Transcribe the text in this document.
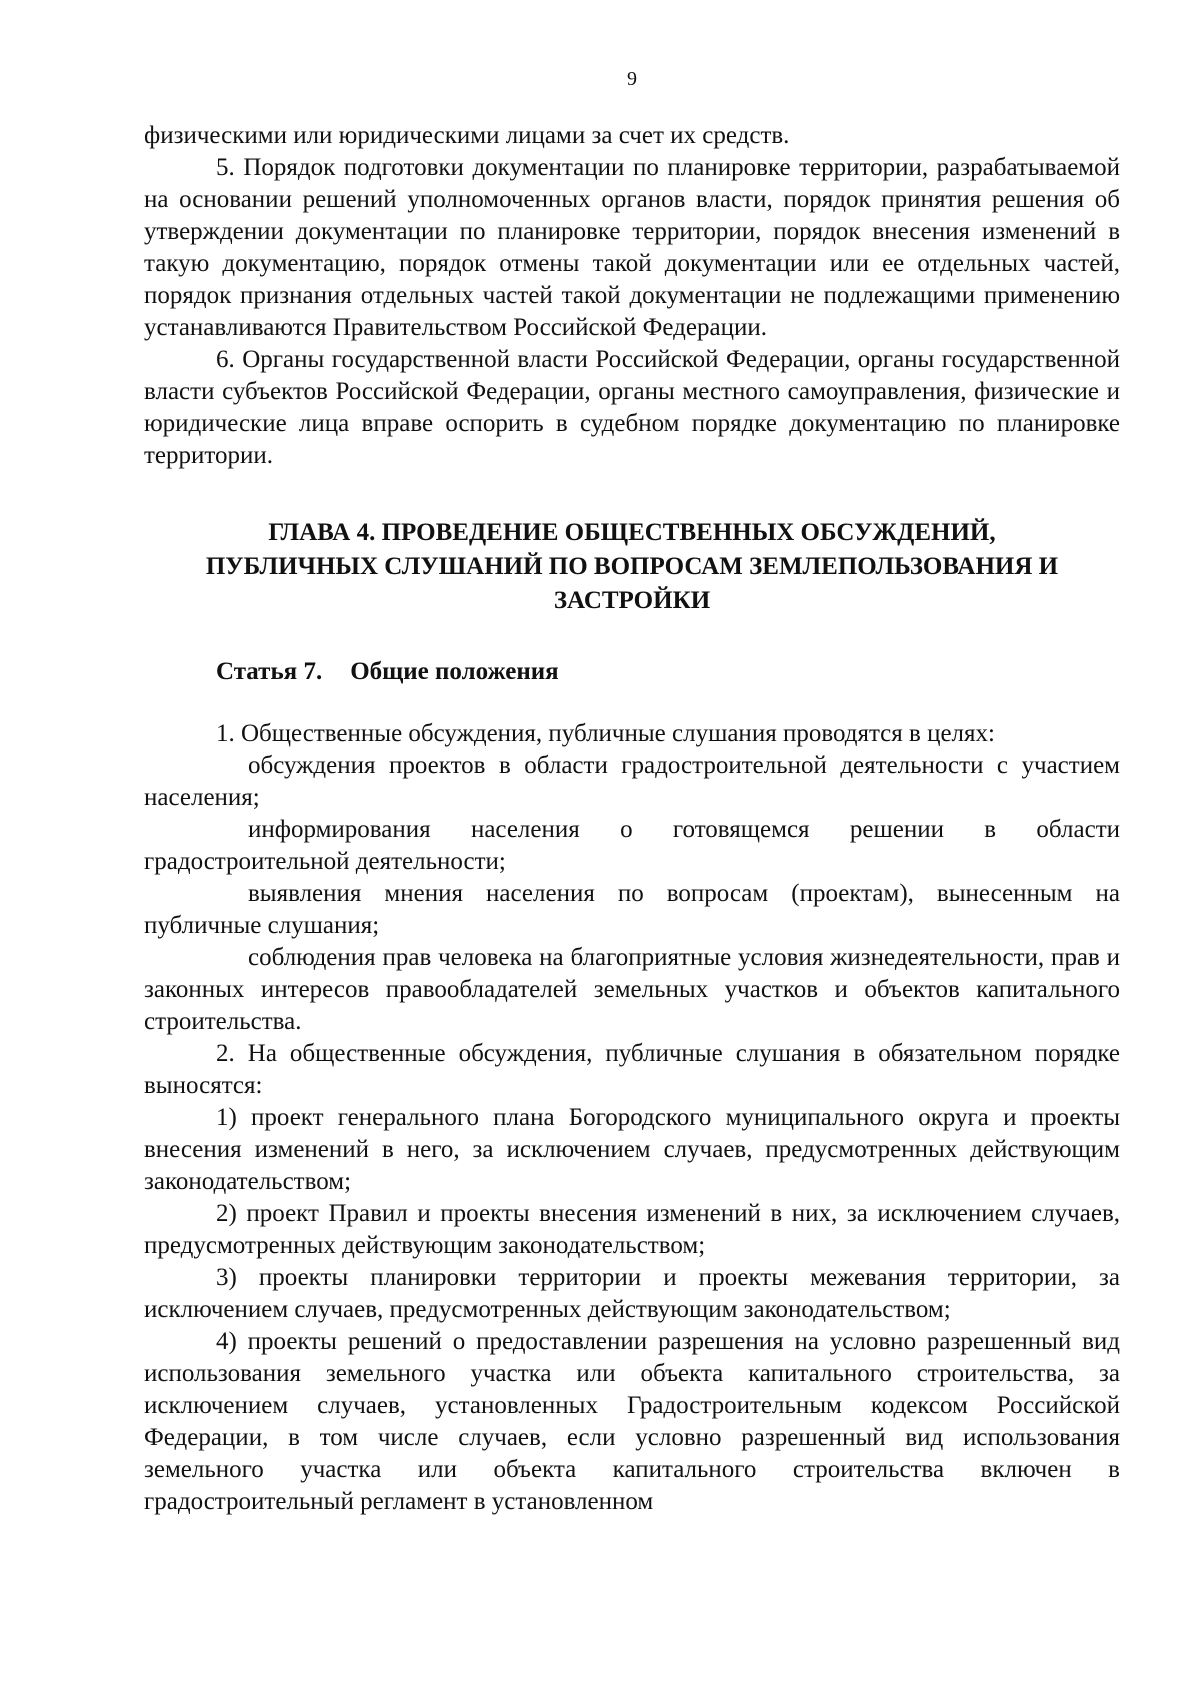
9

физическими или юридическими лицами за счет их средств.

5. Порядок подготовки документации по планировке территории, разрабатываемой на основании решений уполномоченных органов власти, порядок принятия решения об утверждении документации по планировке территории, порядок внесения изменений в такую документацию, порядок отмены такой документации или ее отдельных частей, порядок признания отдельных частей такой документации не подлежащими применению устанавливаются Правительством Российской Федерации.

6. Органы государственной власти Российской Федерации, органы государственной власти субъектов Российской Федерации, органы местного самоуправления, физические и юридические лица вправе оспорить в судебном порядке документацию по планировке территории.

ГЛАВА 4. ПРОВЕДЕНИЕ ОБЩЕСТВЕННЫХ ОБСУЖДЕНИЙ,
ПУБЛИЧНЫХ СЛУШАНИЙ ПО ВОПРОСАМ ЗЕМЛЕПОЛЬЗОВАНИЯ И
ЗАСТРОЙКИ
Статья 7. Общие положения

1. Общественные обсуждения, публичные слушания проводятся в целях:

обсуждения проектов в области градостроительной деятельности с участием населения;

информирования населения о готовящемся решении в области градостроительной деятельности;

выявления мнения населения по вопросам (проектам), вынесенным на публичные слушания;

соблюдения прав человека на благоприятные условия жизнедеятельности, прав и законных интересов правообладателей земельных участков и объектов капитального строительства.

2. На общественные обсуждения, публичные слушания в обязательном порядке выносятся:

1) проект генерального плана Богородского муниципального округа и проекты внесения изменений в него, за исключением случаев, предусмотренных действующим законодательством;

2) проект Правил и проекты внесения изменений в них, за исключением случаев, предусмотренных действующим законодательством;

3) проекты планировки территории и проекты межевания территории, за исключением случаев, предусмотренных действующим законодательством;

4) проекты решений о предоставлении разрешения на условно разрешенный вид использования земельного участка или объекта капитального строительства, за исключением случаев, установленных Градостроительным кодексом Российской Федерации, в том числе случаев, если условно разрешенный вид использования земельного участка или объекта капитального строительства включен в градостроительный регламент в установленном
